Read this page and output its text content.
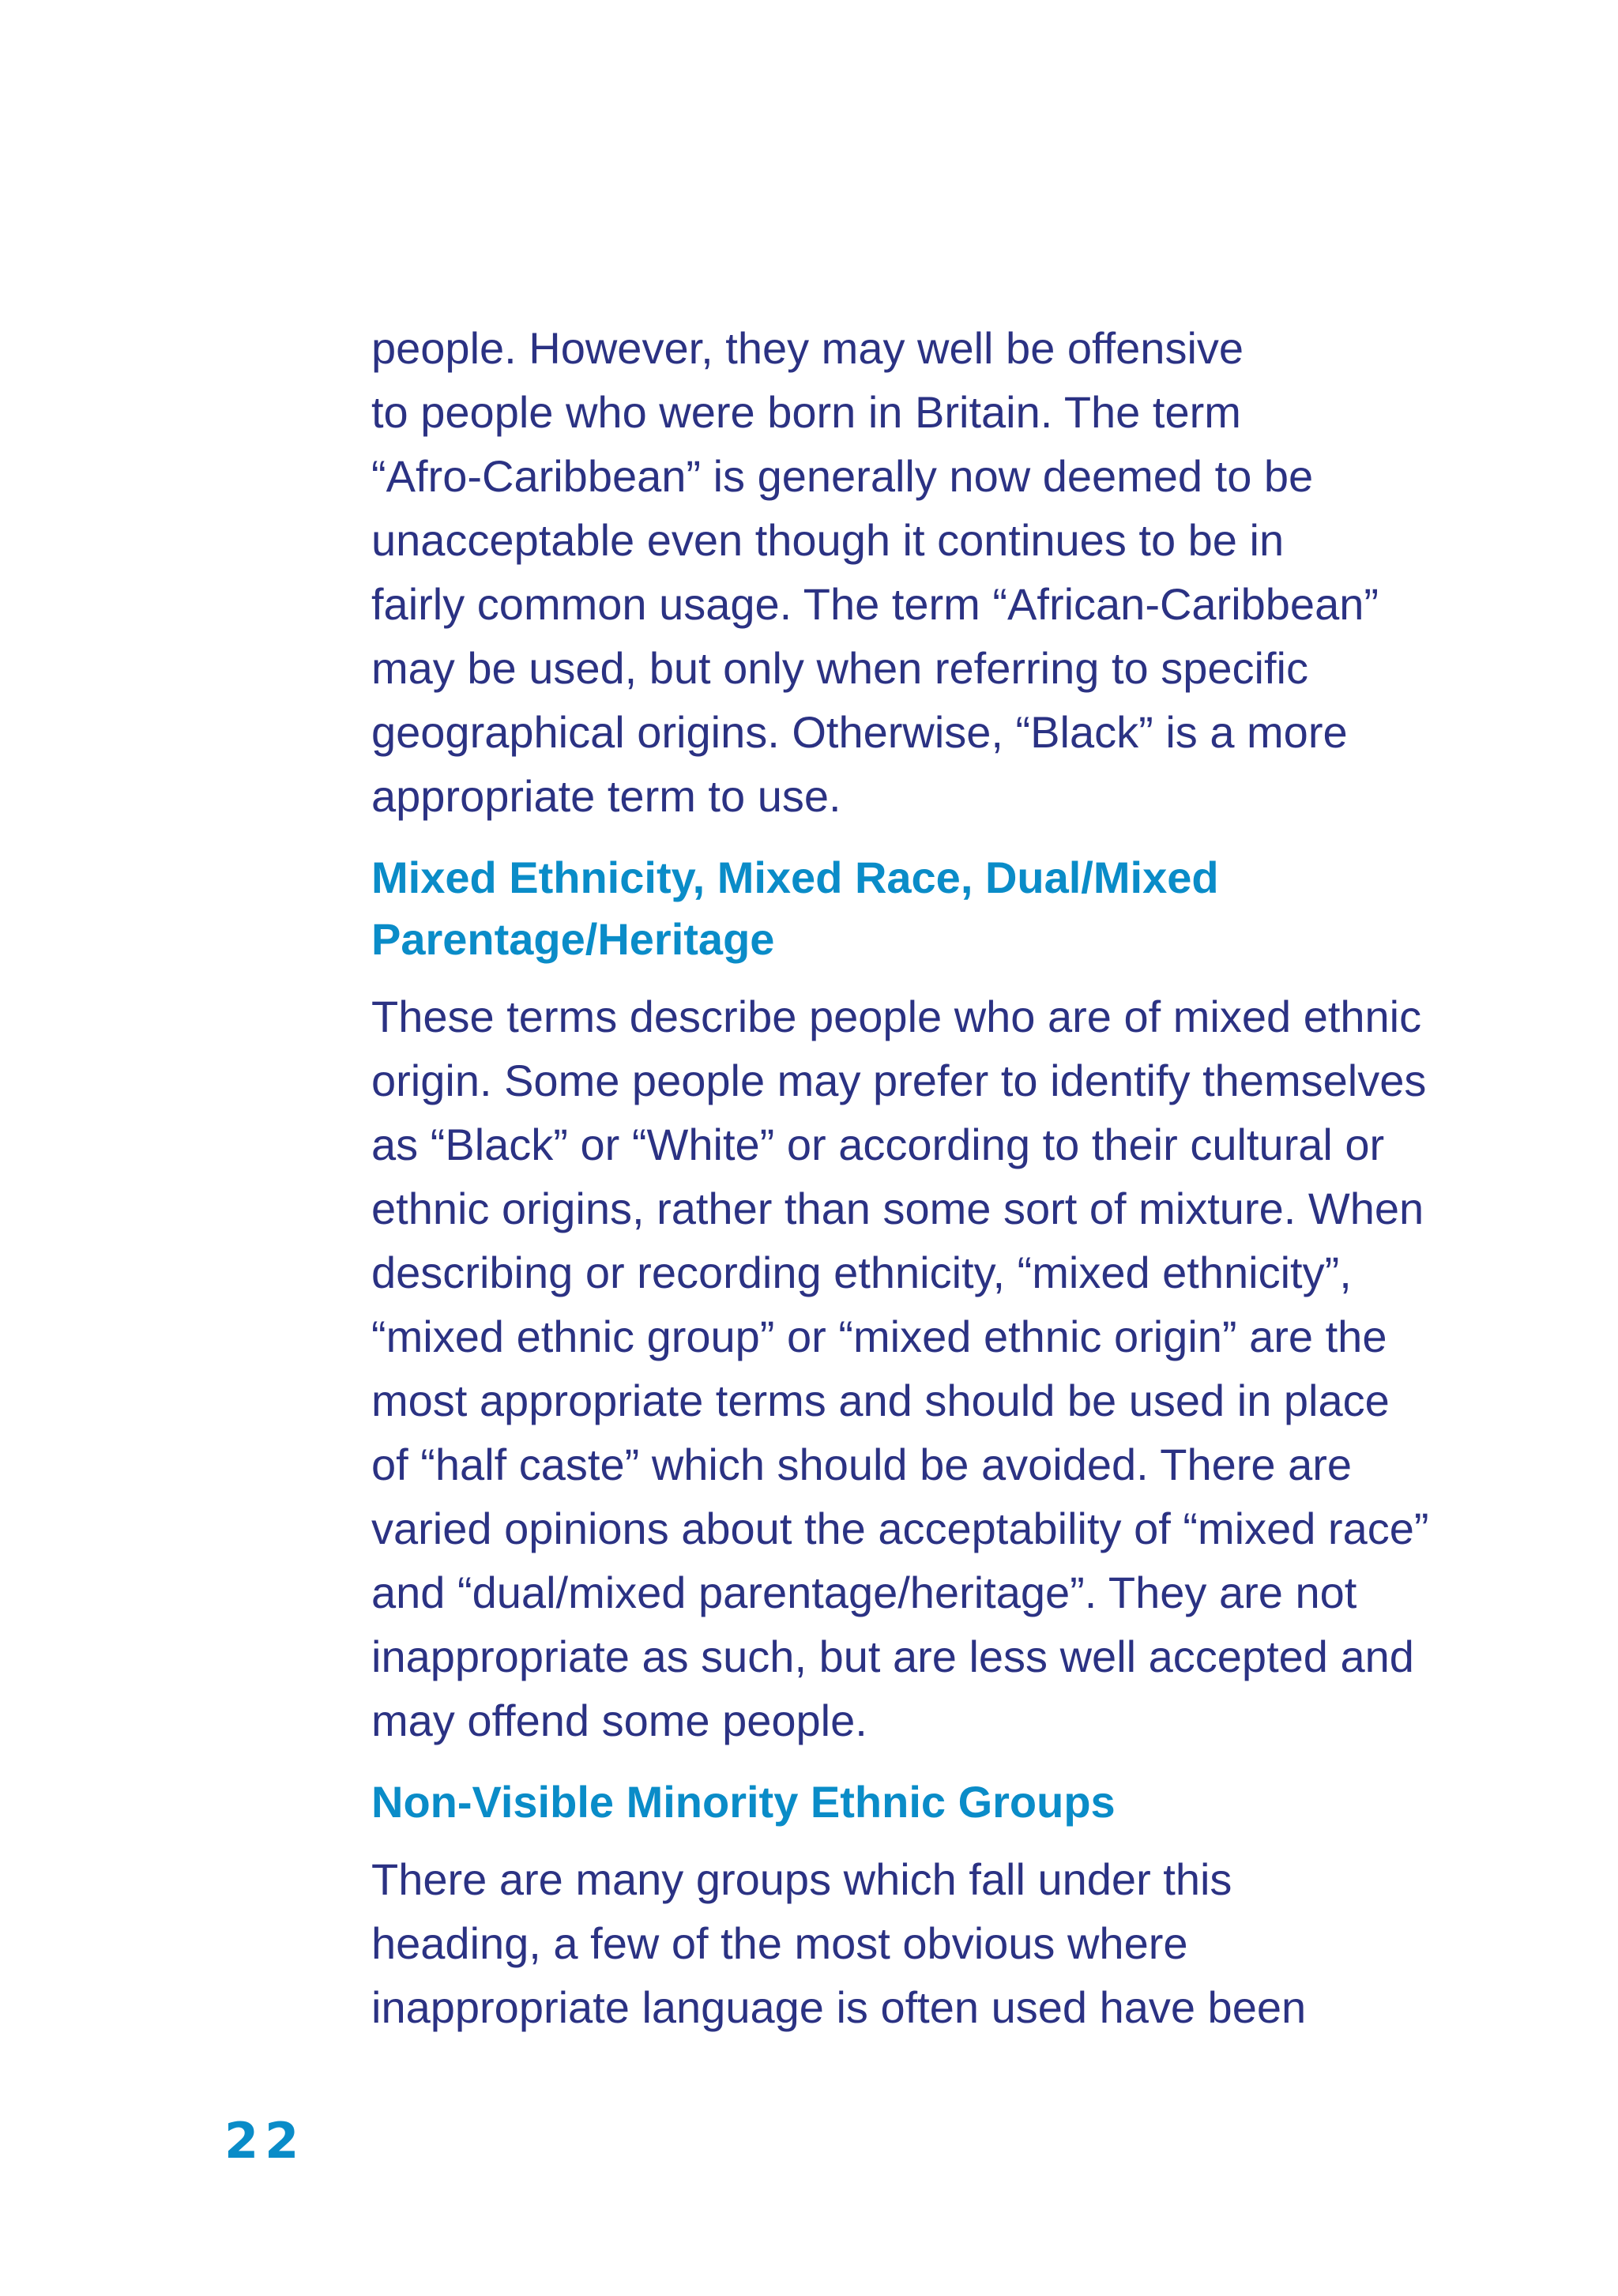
people. However, they may well be offensive
to people who were born in Britain. The term
“Afro-Caribbean” is generally now deemed to be
unacceptable even though it continues to be in
fairly common usage. The term “African-Caribbean”
may be used, but only when referring to specific
geographical origins. Otherwise, “Black” is a more
appropriate term to use.

Mixed Ethnicity, Mixed Race, Dual/Mixed
Parentage/Heritage

These terms describe people who are of mixed ethnic
origin. Some people may prefer to identify themselves
as “Black” or “White” or according to their cultural or
ethnic origins, rather than some sort of mixture. When
describing or recording ethnicity, “mixed ethnicity”,
“mixed ethnic group” or “mixed ethnic origin” are the
most appropriate terms and should be used in place
of “half caste” which should be avoided. There are
varied opinions about the acceptability of “mixed race”
and “dual/mixed parentage/heritage”. They are not
inappropriate as such, but are less well accepted and
may offend some people.

Non-Visible Minority Ethnic Groups

There are many groups which fall under this
heading, a few of the most obvious where
inappropriate language is often used have been

22
